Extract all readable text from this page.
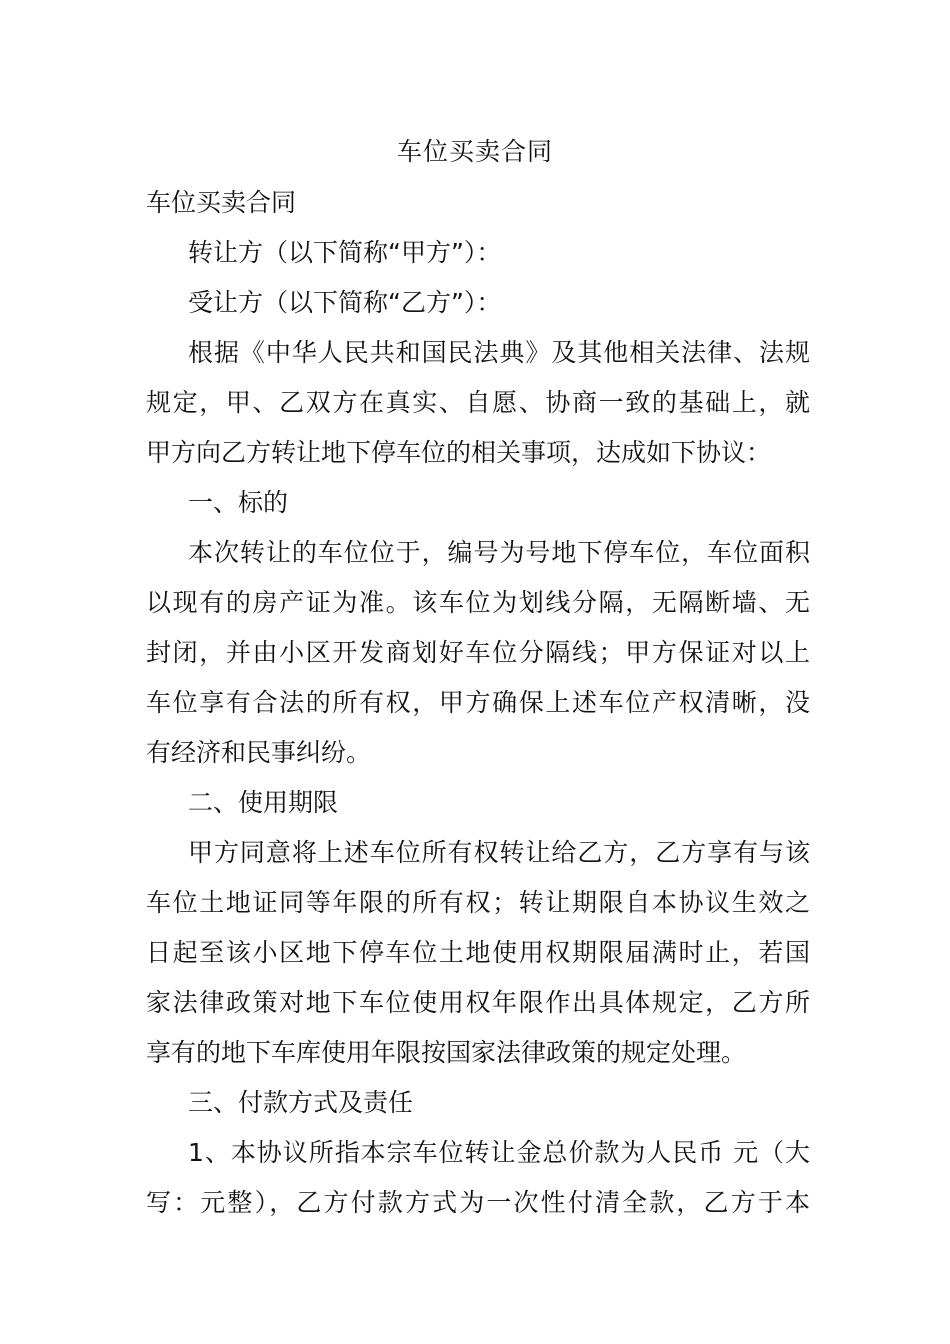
车位买卖合同
车位买卖合同
转让方（以下简称“甲方”）：
受让方（以下简称“乙方”）：
根据《中华人民共和国民法典》及其他相关法律、法规
规定，甲、乙双方在真实、自愿、协商一致的基础上，就
甲方向乙方转让地下停车位的相关事项，达成如下协议：
一、标的
本次转让的车位位于，编号为号地下停车位，车位面积
以现有的房产证为准。该车位为划线分隔，无隔断墙、无
封闭，并由小区开发商划好车位分隔线；甲方保证对以上
车位享有合法的所有权，甲方确保上述车位产权清晰，没
有经济和民事纠纷。
二、使用期限
甲方同意将上述车位所有权转让给乙方，乙方享有与该
车位土地证同等年限的所有权；转让期限自本协议生效之
日起至该小区地下停车位土地使用权期限届满时止，若国
家法律政策对地下车位使用权年限作出具体规定，乙方所
享有的地下车库使用年限按国家法律政策的规定处理。
三、付款方式及责任
1、本协议所指本宗车位转让金总价款为人民币 元（大
写：元整），乙方付款方式为一次性付清全款，乙方于本
